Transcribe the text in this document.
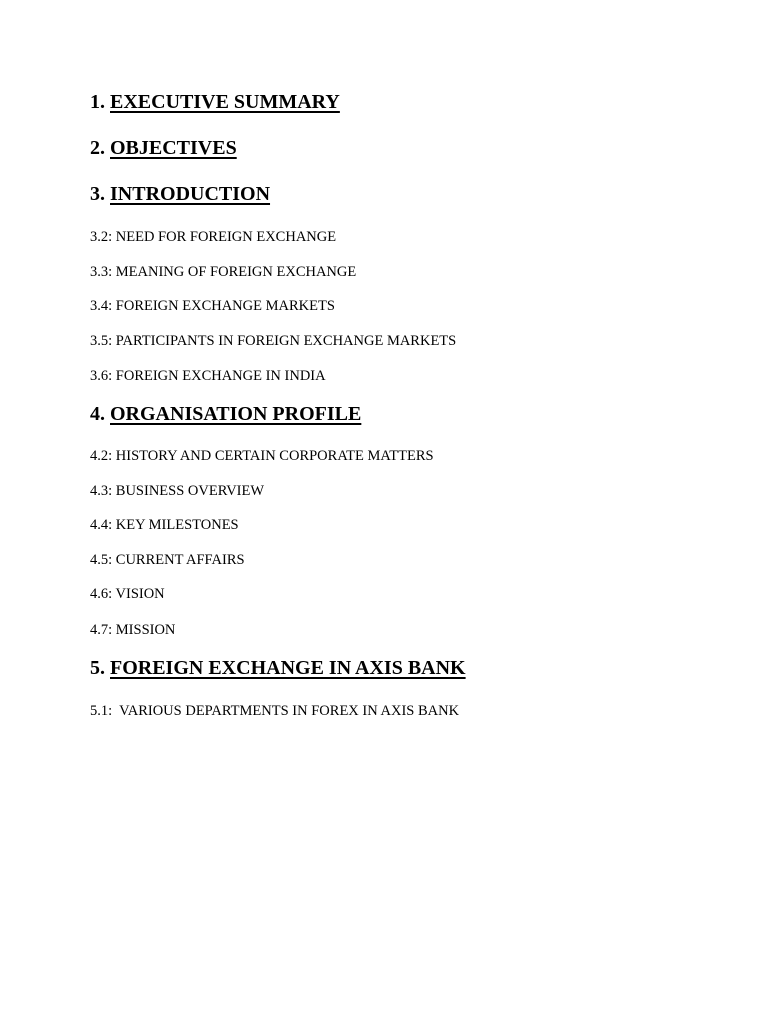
1. EXECUTIVE SUMMARY
2. OBJECTIVES
3. INTRODUCTION
3.2: NEED FOR FOREIGN EXCHANGE
3.3: MEANING OF FOREIGN EXCHANGE
3.4: FOREIGN EXCHANGE MARKETS
3.5: PARTICIPANTS IN FOREIGN EXCHANGE MARKETS
3.6: FOREIGN EXCHANGE IN INDIA
4. ORGANISATION PROFILE
4.2: HISTORY AND CERTAIN CORPORATE MATTERS
4.3: BUSINESS OVERVIEW
4.4: KEY MILESTONES
4.5: CURRENT AFFAIRS
4.6: VISION
4.7: MISSION
5. FOREIGN EXCHANGE IN AXIS BANK
5.1:  VARIOUS DEPARTMENTS IN FOREX IN AXIS BANK
